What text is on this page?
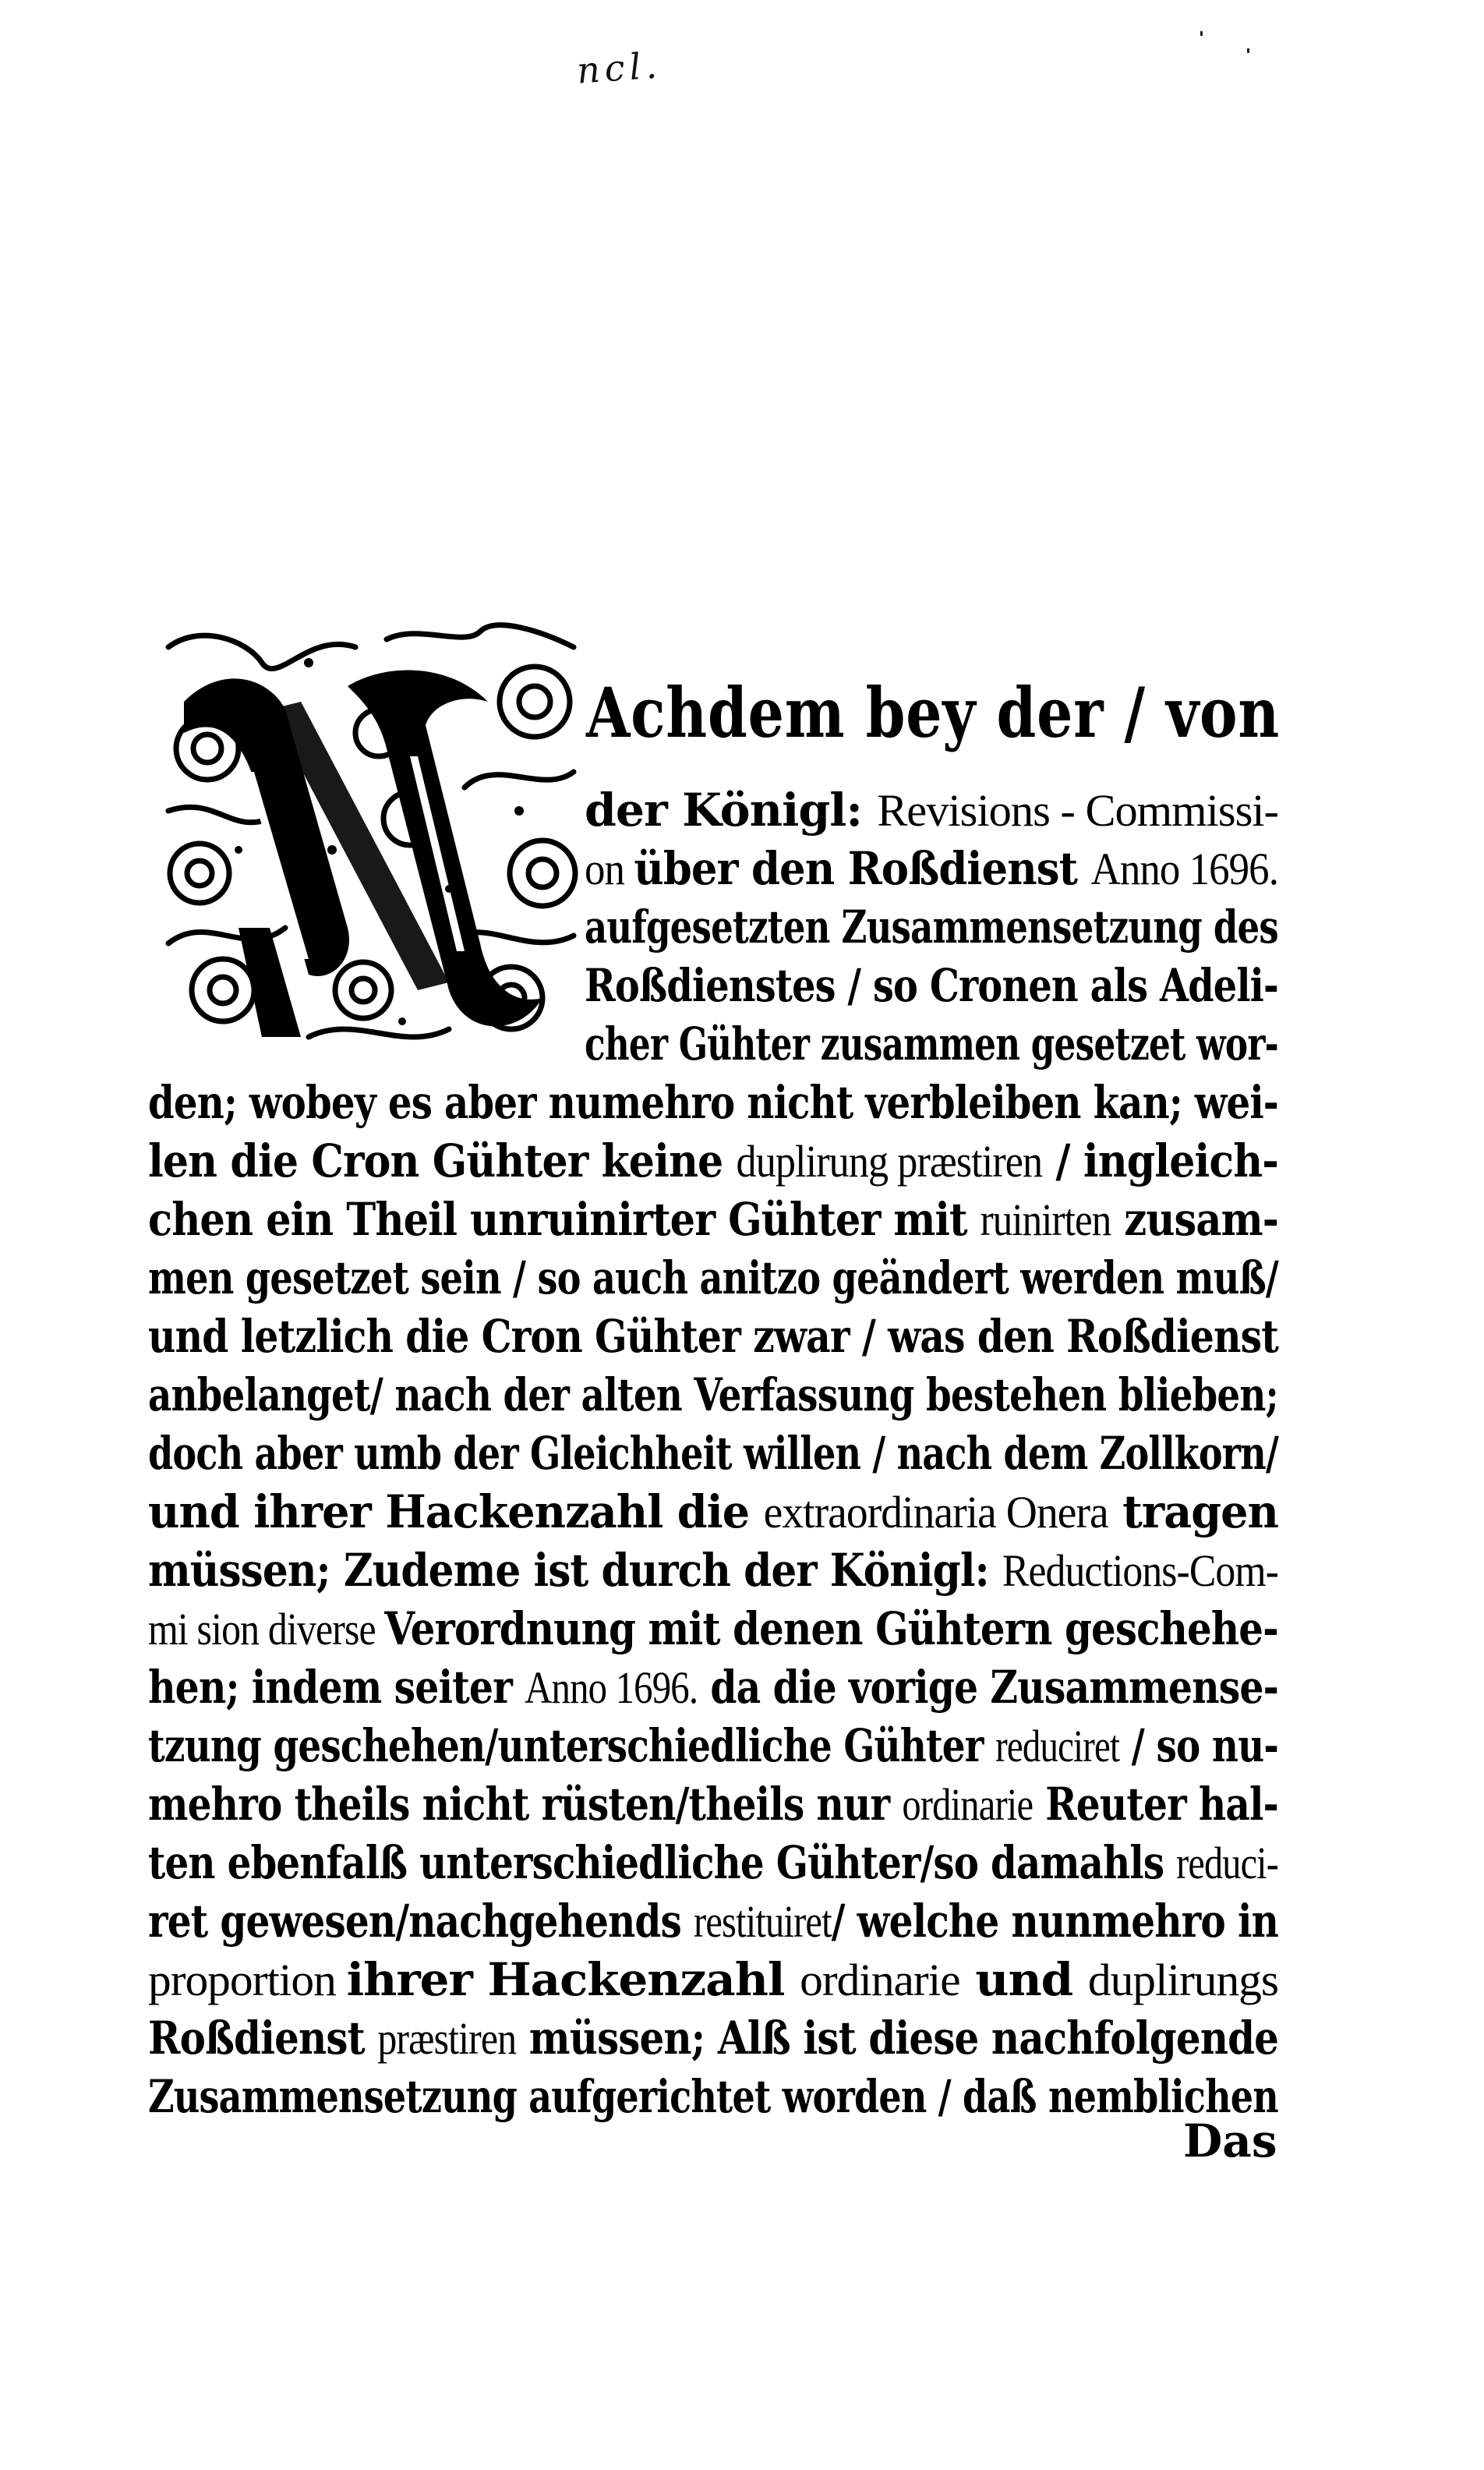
ncl.
Achdem bey der / von
der Königl: Revisions - Commissi-
on über den Roßdienst Anno 1696.
aufgesetzten Zusammensetzung des
Roßdienstes / so Cronen als Adeli-
cher Gühter zusammen gesetzet wor-
den; wobey es aber numehro nicht verbleiben kan; wei-
len die Cron Gühter keine duplirung præstiren / ingleich-
chen ein Theil unruinirter Gühter mit ruinirten zusam-
men gesetzet sein / so auch anitzo geändert werden muß/
und letzlich die Cron Gühter zwar / was den Roßdienst
anbelanget/ nach der alten Verfassung bestehen blieben;
doch aber umb der Gleichheit willen / nach dem Zollkorn/
und ihrer Hackenzahl die extraordinaria Onera tragen
müssen; Zudeme ist durch der Königl: Reductions-Com-
mi sion diverse Verordnung mit denen Gühtern geschehe-
hen; indem seiter Anno 1696. da die vorige Zusammense-
tzung geschehen/unterschiedliche Gühter reduciret / so nu-
mehro theils nicht rüsten/theils nur ordinarie Reuter hal-
ten ebenfalß unterschiedliche Gühter/so damahls reduci-
ret gewesen/nachgehends restituiret/ welche nunmehro in
proportion ihrer Hackenzahl ordinarie und duplirungs
Roßdienst præstiren müssen; Alß ist diese nachfolgende
Zusammensetzung aufgerichtet worden / daß nemblichen
Das
